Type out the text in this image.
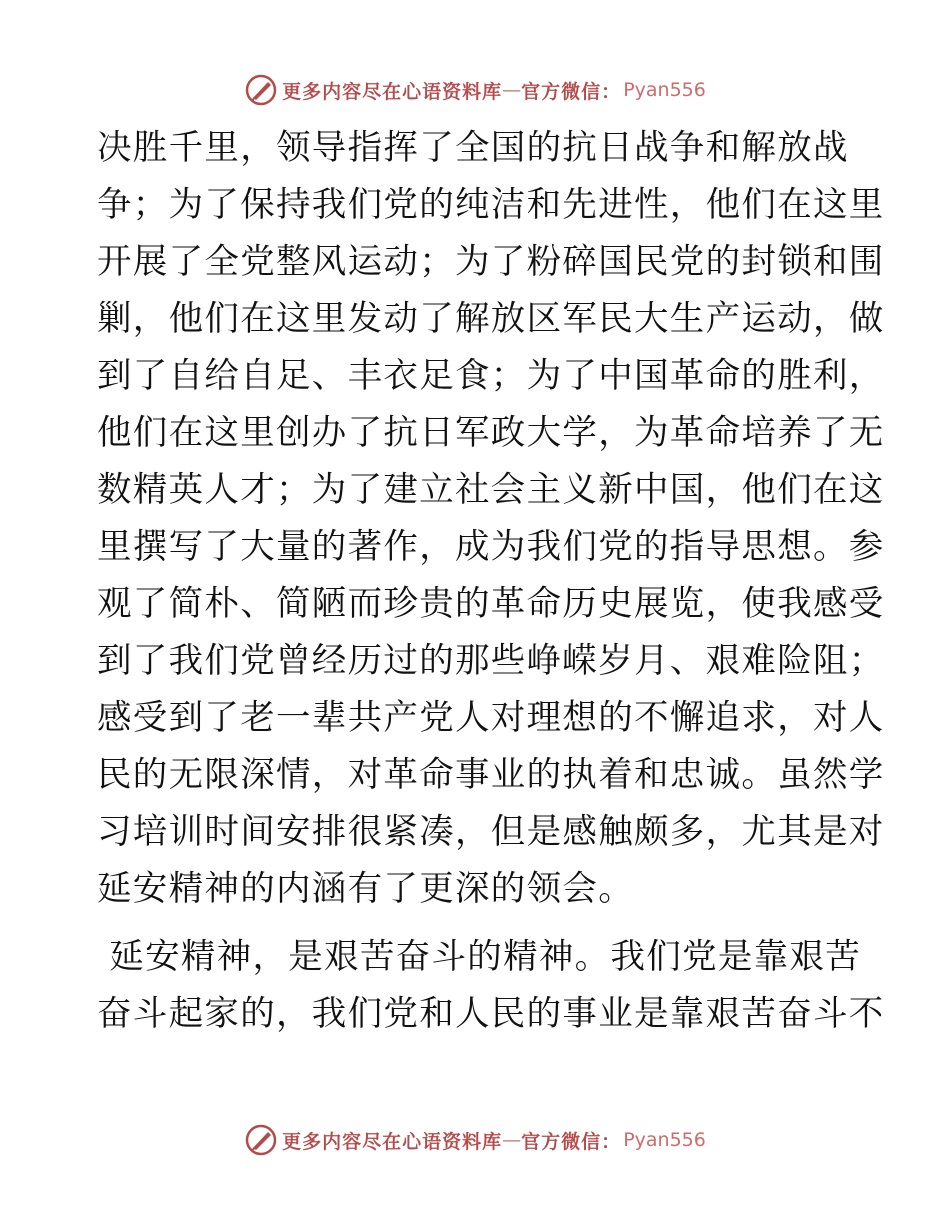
更多内容尽在心语资料库 — 官方微信： Pyan556
决胜千里，领导指挥了全国的抗日战争和解放战
争；为了保持我们党的纯洁和先进性，他们在这里
开展了全党整风运动；为了粉碎国民党的封锁和围
剿，他们在这里发动了解放区军民大生产运动，做
到了自给自足、丰衣足食；为了中国革命的胜利，
他们在这里创办了抗日军政大学，为革命培养了无
数精英人才；为了建立社会主义新中国，他们在这
里撰写了大量的著作，成为我们党的指导思想。参
观了简朴、简陋而珍贵的革命历史展览，使我感受
到了我们党曾经历过的那些峥嵘岁月、艰难险阻；
感受到了老一辈共产党人对理想的不懈追求，对人
民的无限深情，对革命事业的执着和忠诚。虽然学
习培训时间安排很紧凑，但是感触颇多，尤其是对
延安精神的内涵有了更深的领会。
延安精神，是艰苦奋斗的精神。我们党是靠艰苦
奋斗起家的，我们党和人民的事业是靠艰苦奋斗不
更多内容尽在心语资料库 — 官方微信： Pyan556
